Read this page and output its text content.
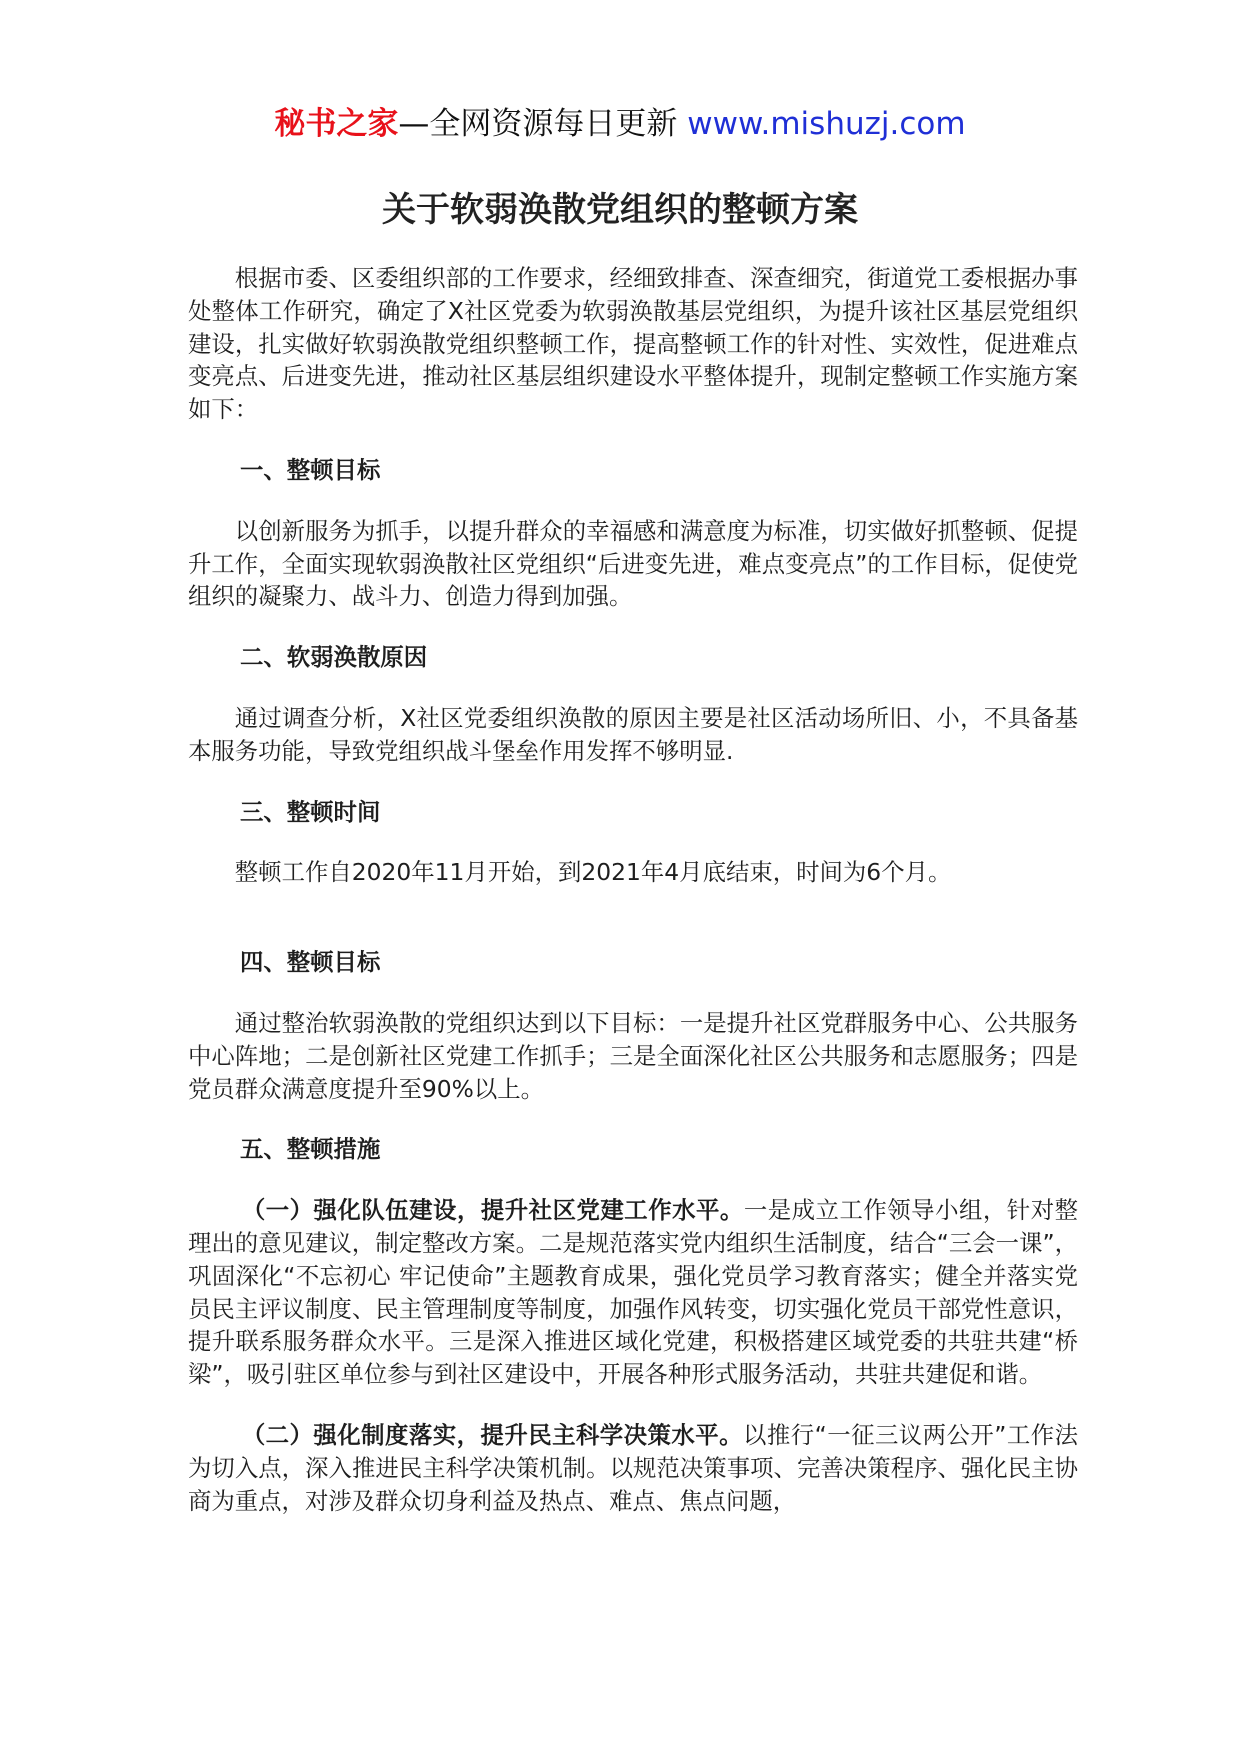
秘书之家—全网资源每日更新 www.mishuzj.com
关于软弱涣散党组织的整顿方案

根据市委、区委组织部的工作要求，经细致排查、深查细究，街道党工委根据办事处整体工作研究，确定了X社区党委为软弱涣散基层党组织，为提升该社区基层党组织建设，扎实做好软弱涣散党组织整顿工作，提高整顿工作的针对性、实效性，促进难点变亮点、后进变先进，推动社区基层组织建设水平整体提升，现制定整顿工作实施方案如下：

一、整顿目标

以创新服务为抓手，以提升群众的幸福感和满意度为标准，切实做好抓整顿、促提升工作，全面实现软弱涣散社区党组织“后进变先进，难点变亮点”的工作目标，促使党组织的凝聚力、战斗力、创造力得到加强。

二、软弱涣散原因

通过调查分析，X社区党委组织涣散的原因主要是社区活动场所旧、小，不具备基本服务功能，导致党组织战斗堡垒作用发挥不够明显.

三、整顿时间

整顿工作自2020年11月开始，到2021年4月底结束，时间为6个月。

四、整顿目标

通过整治软弱涣散的党组织达到以下目标：一是提升社区党群服务中心、公共服务中心阵地；二是创新社区党建工作抓手；三是全面深化社区公共服务和志愿服务；四是党员群众满意度提升至90%以上。

五、整顿措施

（一）强化队伍建设，提升社区党建工作水平。一是成立工作领导小组，针对整理出的意见建议，制定整改方案。二是规范落实党内组织生活制度，结合“三会一课”，巩固深化“不忘初心 牢记使命”主题教育成果，强化党员学习教育落实；健全并落实党员民主评议制度、民主管理制度等制度，加强作风转变，切实强化党员干部党性意识，提升联系服务群众水平。三是深入推进区域化党建，积极搭建区域党委的共驻共建“桥梁”，吸引驻区单位参与到社区建设中，开展各种形式服务活动，共驻共建促和谐。

（二）强化制度落实，提升民主科学决策水平。以推行“一征三议两公开”工作法为切入点，深入推进民主科学决策机制。以规范决策事项、完善决策程序、强化民主协商为重点，对涉及群众切身利益及热点、难点、焦点问题，
